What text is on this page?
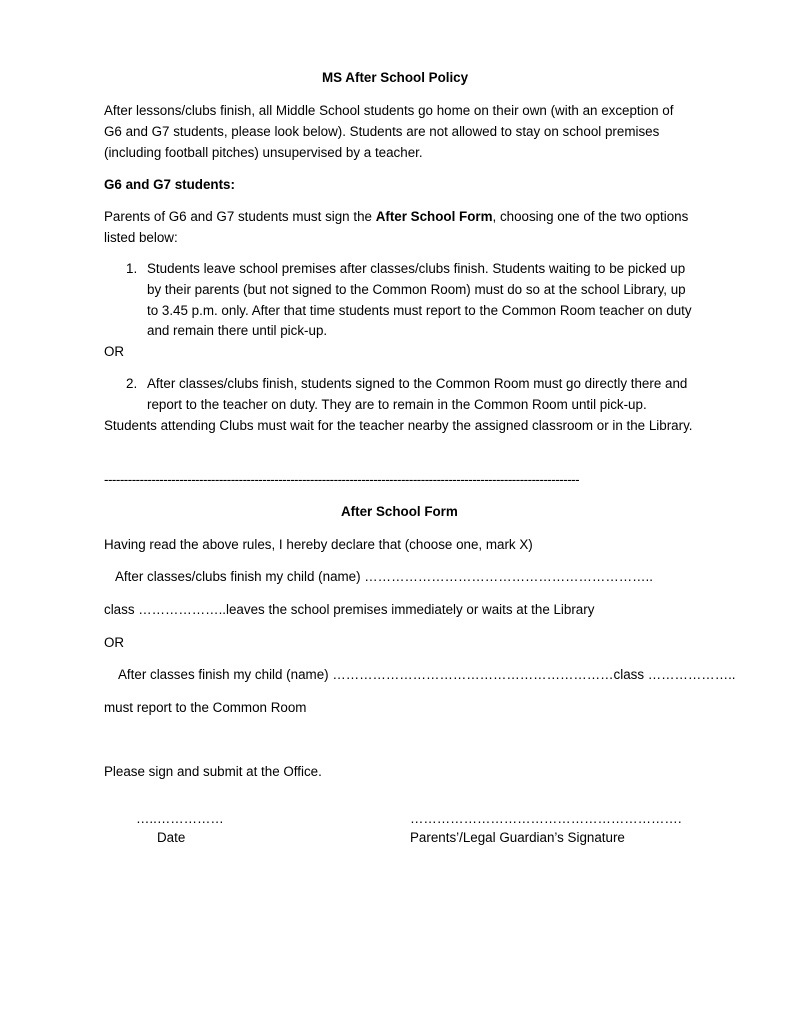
MS After School Policy
After lessons/clubs finish, all Middle School students go home on their own (with an exception of G6 and G7 students, please look below). Students are not allowed to stay on school premises (including football pitches) unsupervised by a teacher.
G6 and G7 students:
Parents of G6 and G7 students must sign the After School Form, choosing one of the two options listed below:
1. Students leave school premises after classes/clubs finish. Students waiting to be picked up by their parents (but not signed to the Common Room) must do so at the school Library, up to 3.45 p.m. only. After that time students must report to the Common Room teacher on duty and remain there until pick-up.
OR
2. After classes/clubs finish, students signed to the Common Room must go directly there and report to the teacher on duty. They are to remain in the Common Room until pick-up.
Students attending Clubs must wait for the teacher nearby the assigned classroom or in the Library.
------------------------------------------------------------------------------------------------------------------------
After School Form
Having read the above rules, I hereby declare that (choose one, mark X)
After classes/clubs finish my child (name) ………………………………………………………..
class ………………..leaves the school premises immediately or waits at the Library
OR
After classes finish my child (name) ………………………………………………………class ………………..
must report to the Common Room
Please sign and submit at the Office.
…..……………
Date
…………………………………………………….
Parents’/Legal Guardian’s Signature
